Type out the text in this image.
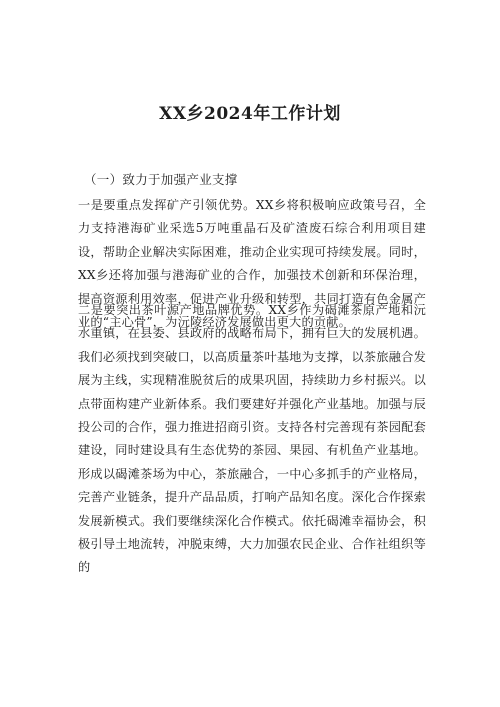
XX乡2024年工作计划
（一）致力于加强产业支撑

一是要重点发挥矿产引领优势。XX乡将积极响应政策号召，全力支持港海矿业采选5万吨重晶石及矿渣废石综合利用项目建设，帮助企业解决实际困难，推动企业实现可持续发展。同时，XX乡还将加强与港海矿业的合作，加强技术创新和环保治理，提高资源利用效率，促进产业升级和转型，共同打造有色金属产业的“主心骨”，为沅陵经济发展做出更大的贡献。

二是要突出茶叶源产地品牌优势。XX乡作为碣滩茶原产地和沅水重镇，在县委、县政府的战略布局下，拥有巨大的发展机遇。我们必须找到突破口，以高质量茶叶基地为支撑，以茶旅融合发展为主线，实现精准脱贫后的成果巩固，持续助力乡村振兴。以点带面构建产业新体系。我们要建好并强化产业基地。加强与辰投公司的合作，强力推进招商引资。支持各村完善现有茶园配套建设，同时建设具有生态优势的茶园、果园、有机鱼产业基地。形成以碣滩茶场为中心，茶旅融合，一中心多抓手的产业格局，完善产业链条，提升产品品质，打响产品知名度。深化合作探索发展新模式。我们要继续深化合作模式。依托碣滩幸福协会，积极引导土地流转，冲脱束缚，大力加强农民企业、合作社组织等的
